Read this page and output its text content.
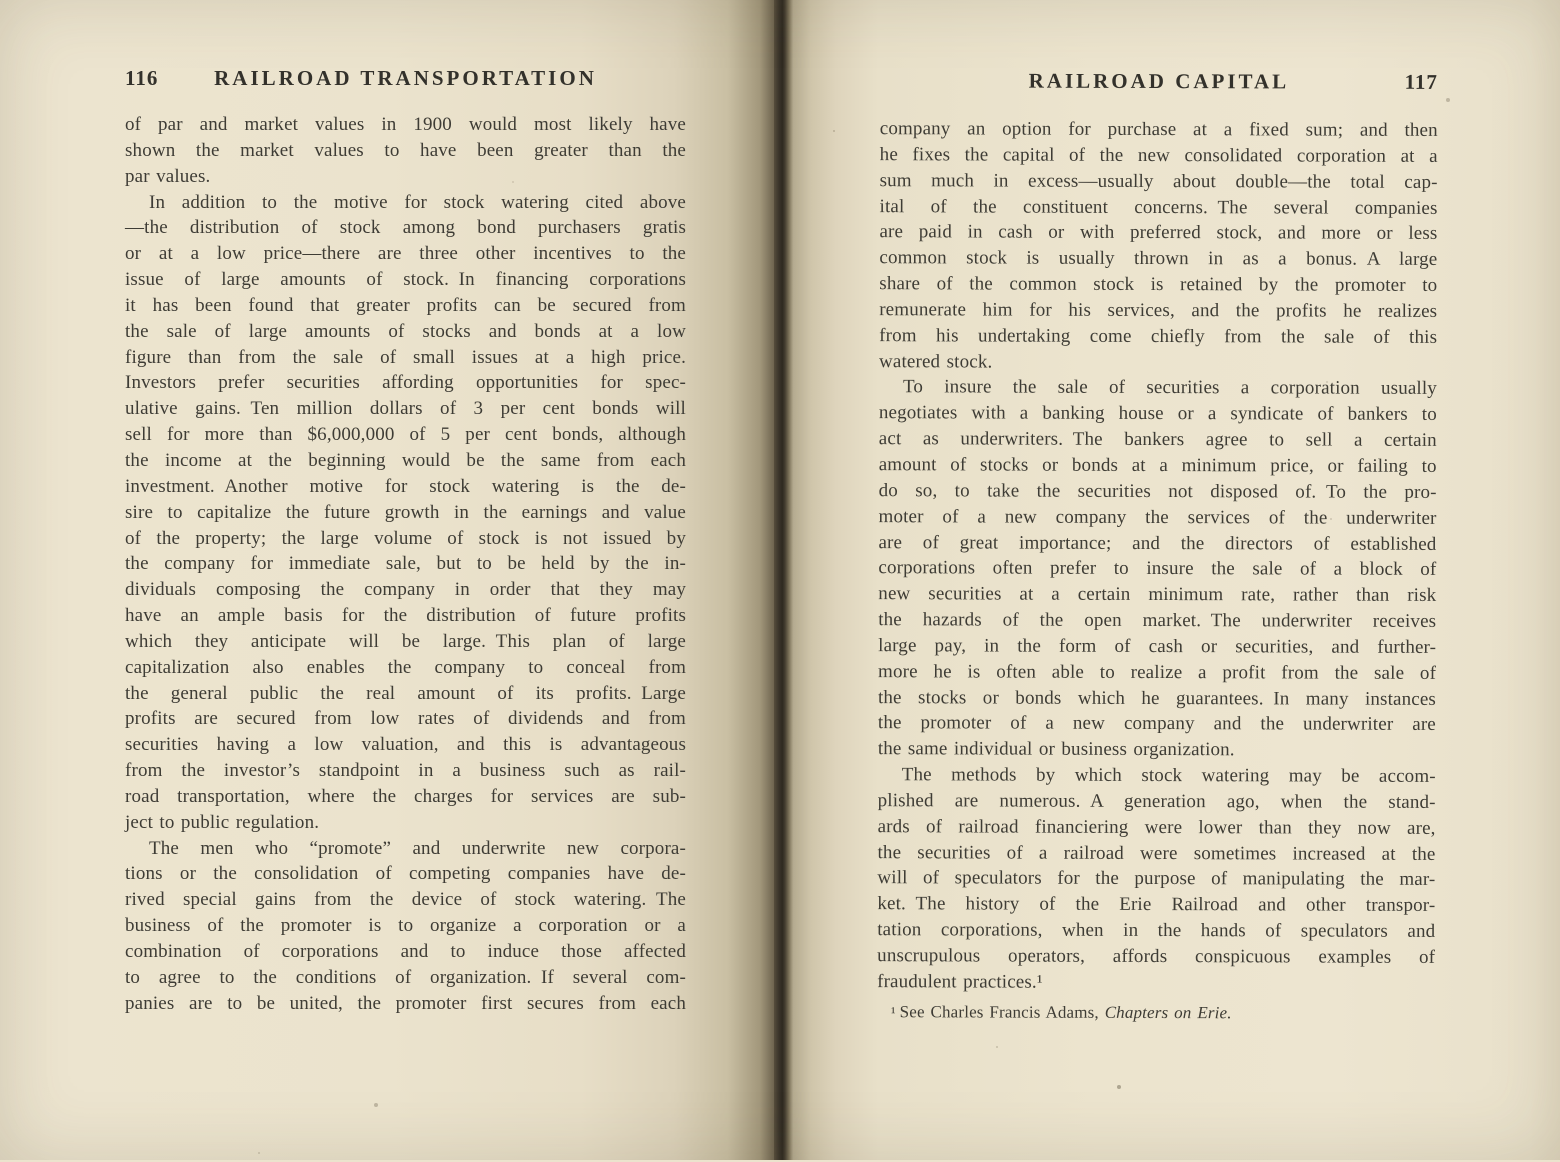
116	RAILROAD TRANSPORTATION
of par and market values in 1900 would most likely have
shown the market values to have been greater than the
par values.
In addition to the motive for stock watering cited above
—the distribution of stock among bond purchasers gratis
or at a low price—there are three other incentives to the
issue of large amounts of stock. In financing corporations
it has been found that greater profits can be secured from
the sale of large amounts of stocks and bonds at a low
figure than from the sale of small issues at a high price.
Investors prefer securities affording opportunities for spec-
ulative gains. Ten million dollars of 3 per cent bonds will
sell for more than $6,000,000 of 5 per cent bonds, although
the income at the beginning would be the same from each
investment. Another motive for stock watering is the de-
sire to capitalize the future growth in the earnings and value
of the property; the large volume of stock is not issued by
the company for immediate sale, but to be held by the in-
dividuals composing the company in order that they may
have an ample basis for the distribution of future profits
which they anticipate will be large. This plan of large
capitalization also enables the company to conceal from
the general public the real amount of its profits. Large
profits are secured from low rates of dividends and from
securities having a low valuation, and this is advantageous
from the investor’s standpoint in a business such as rail-
road transportation, where the charges for services are sub-
ject to public regulation.
The men who “promote” and underwrite new corpora-
tions or the consolidation of competing companies have de-
rived special gains from the device of stock watering. The
business of the promoter is to organize a corporation or a
combination of corporations and to induce those affected
to agree to the conditions of organization. If several com-
panies are to be united, the promoter first secures from each
RAILROAD CAPITAL	117
company an option for purchase at a fixed sum; and then
he fixes the capital of the new consolidated corporation at a
sum much in excess—usually about double—the total cap-
ital of the constituent concerns. The several companies
are paid in cash or with preferred stock, and more or less
common stock is usually thrown in as a bonus. A large
share of the common stock is retained by the promoter to
remunerate him for his services, and the profits he realizes
from his undertaking come chiefly from the sale of this
watered stock.
To insure the sale of securities a corporation usually
negotiates with a banking house or a syndicate of bankers to
act as underwriters. The bankers agree to sell a certain
amount of stocks or bonds at a minimum price, or failing to
do so, to take the securities not disposed of. To the pro-
moter of a new company the services of the underwriter
are of great importance; and the directors of established
corporations often prefer to insure the sale of a block of
new securities at a certain minimum rate, rather than risk
the hazards of the open market. The underwriter receives
large pay, in the form of cash or securities, and further-
more he is often able to realize a profit from the sale of
the stocks or bonds which he guarantees. In many instances
the promoter of a new company and the underwriter are
the same individual or business organization.
The methods by which stock watering may be accom-
plished are numerous. A generation ago, when the stand-
ards of railroad financiering were lower than they now are,
the securities of a railroad were sometimes increased at the
will of speculators for the purpose of manipulating the mar-
ket. The history of the Erie Railroad and other transpor-
tation corporations, when in the hands of speculators and
unscrupulous operators, affords conspicuous examples of
fraudulent practices.¹
¹ See Charles Francis Adams, Chapters on Erie.
